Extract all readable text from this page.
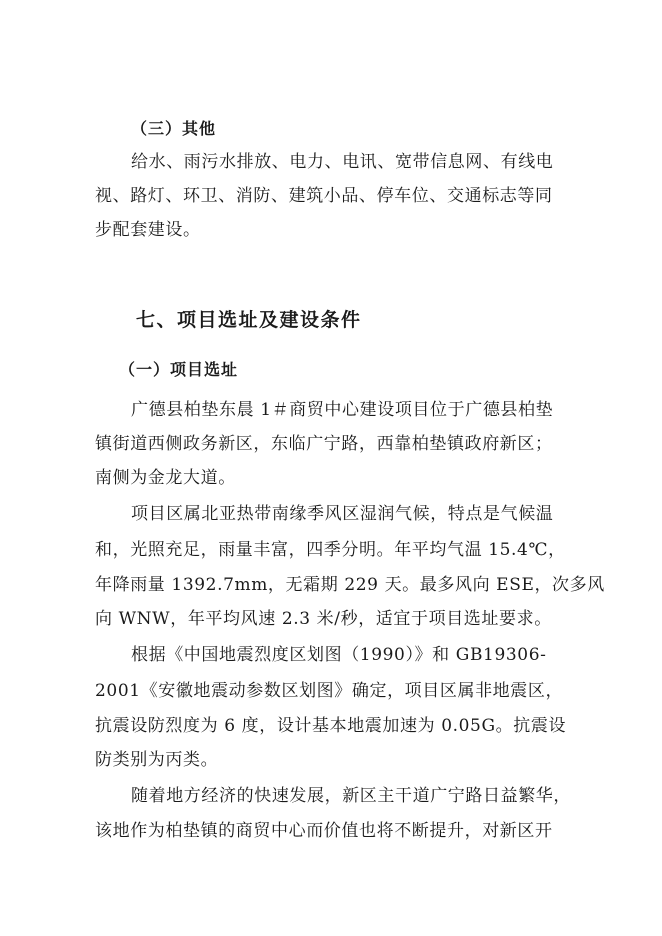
（三）其他
给水、雨污水排放、电力、电讯、宽带信息网、有线电
视、路灯、环卫、消防、建筑小品、停车位、交通标志等同
步配套建设。
七、项目选址及建设条件
（一）项目选址
广德县柏垫东晨 1＃商贸中心建设项目位于广德县柏垫
镇街道西侧政务新区，东临广宁路，西靠柏垫镇政府新区；
南侧为金龙大道。
项目区属北亚热带南缘季风区湿润气候，特点是气候温
和，光照充足，雨量丰富，四季分明。年平均气温 15.4℃，
年降雨量 1392.7mm，无霜期 229 天。最多风向 ESE，次多风
向 WNW，年平均风速 2.3 米/秒，适宜于项目选址要求。
根据《中国地震烈度区划图（1990）》和 GB19306-
2001《安徽地震动参数区划图》确定，项目区属非地震区，
抗震设防烈度为 6 度，设计基本地震加速为 0.05G。抗震设
防类别为丙类。
随着地方经济的快速发展，新区主干道广宁路日益繁华，
该地作为柏垫镇的商贸中心而价值也将不断提升，对新区开
